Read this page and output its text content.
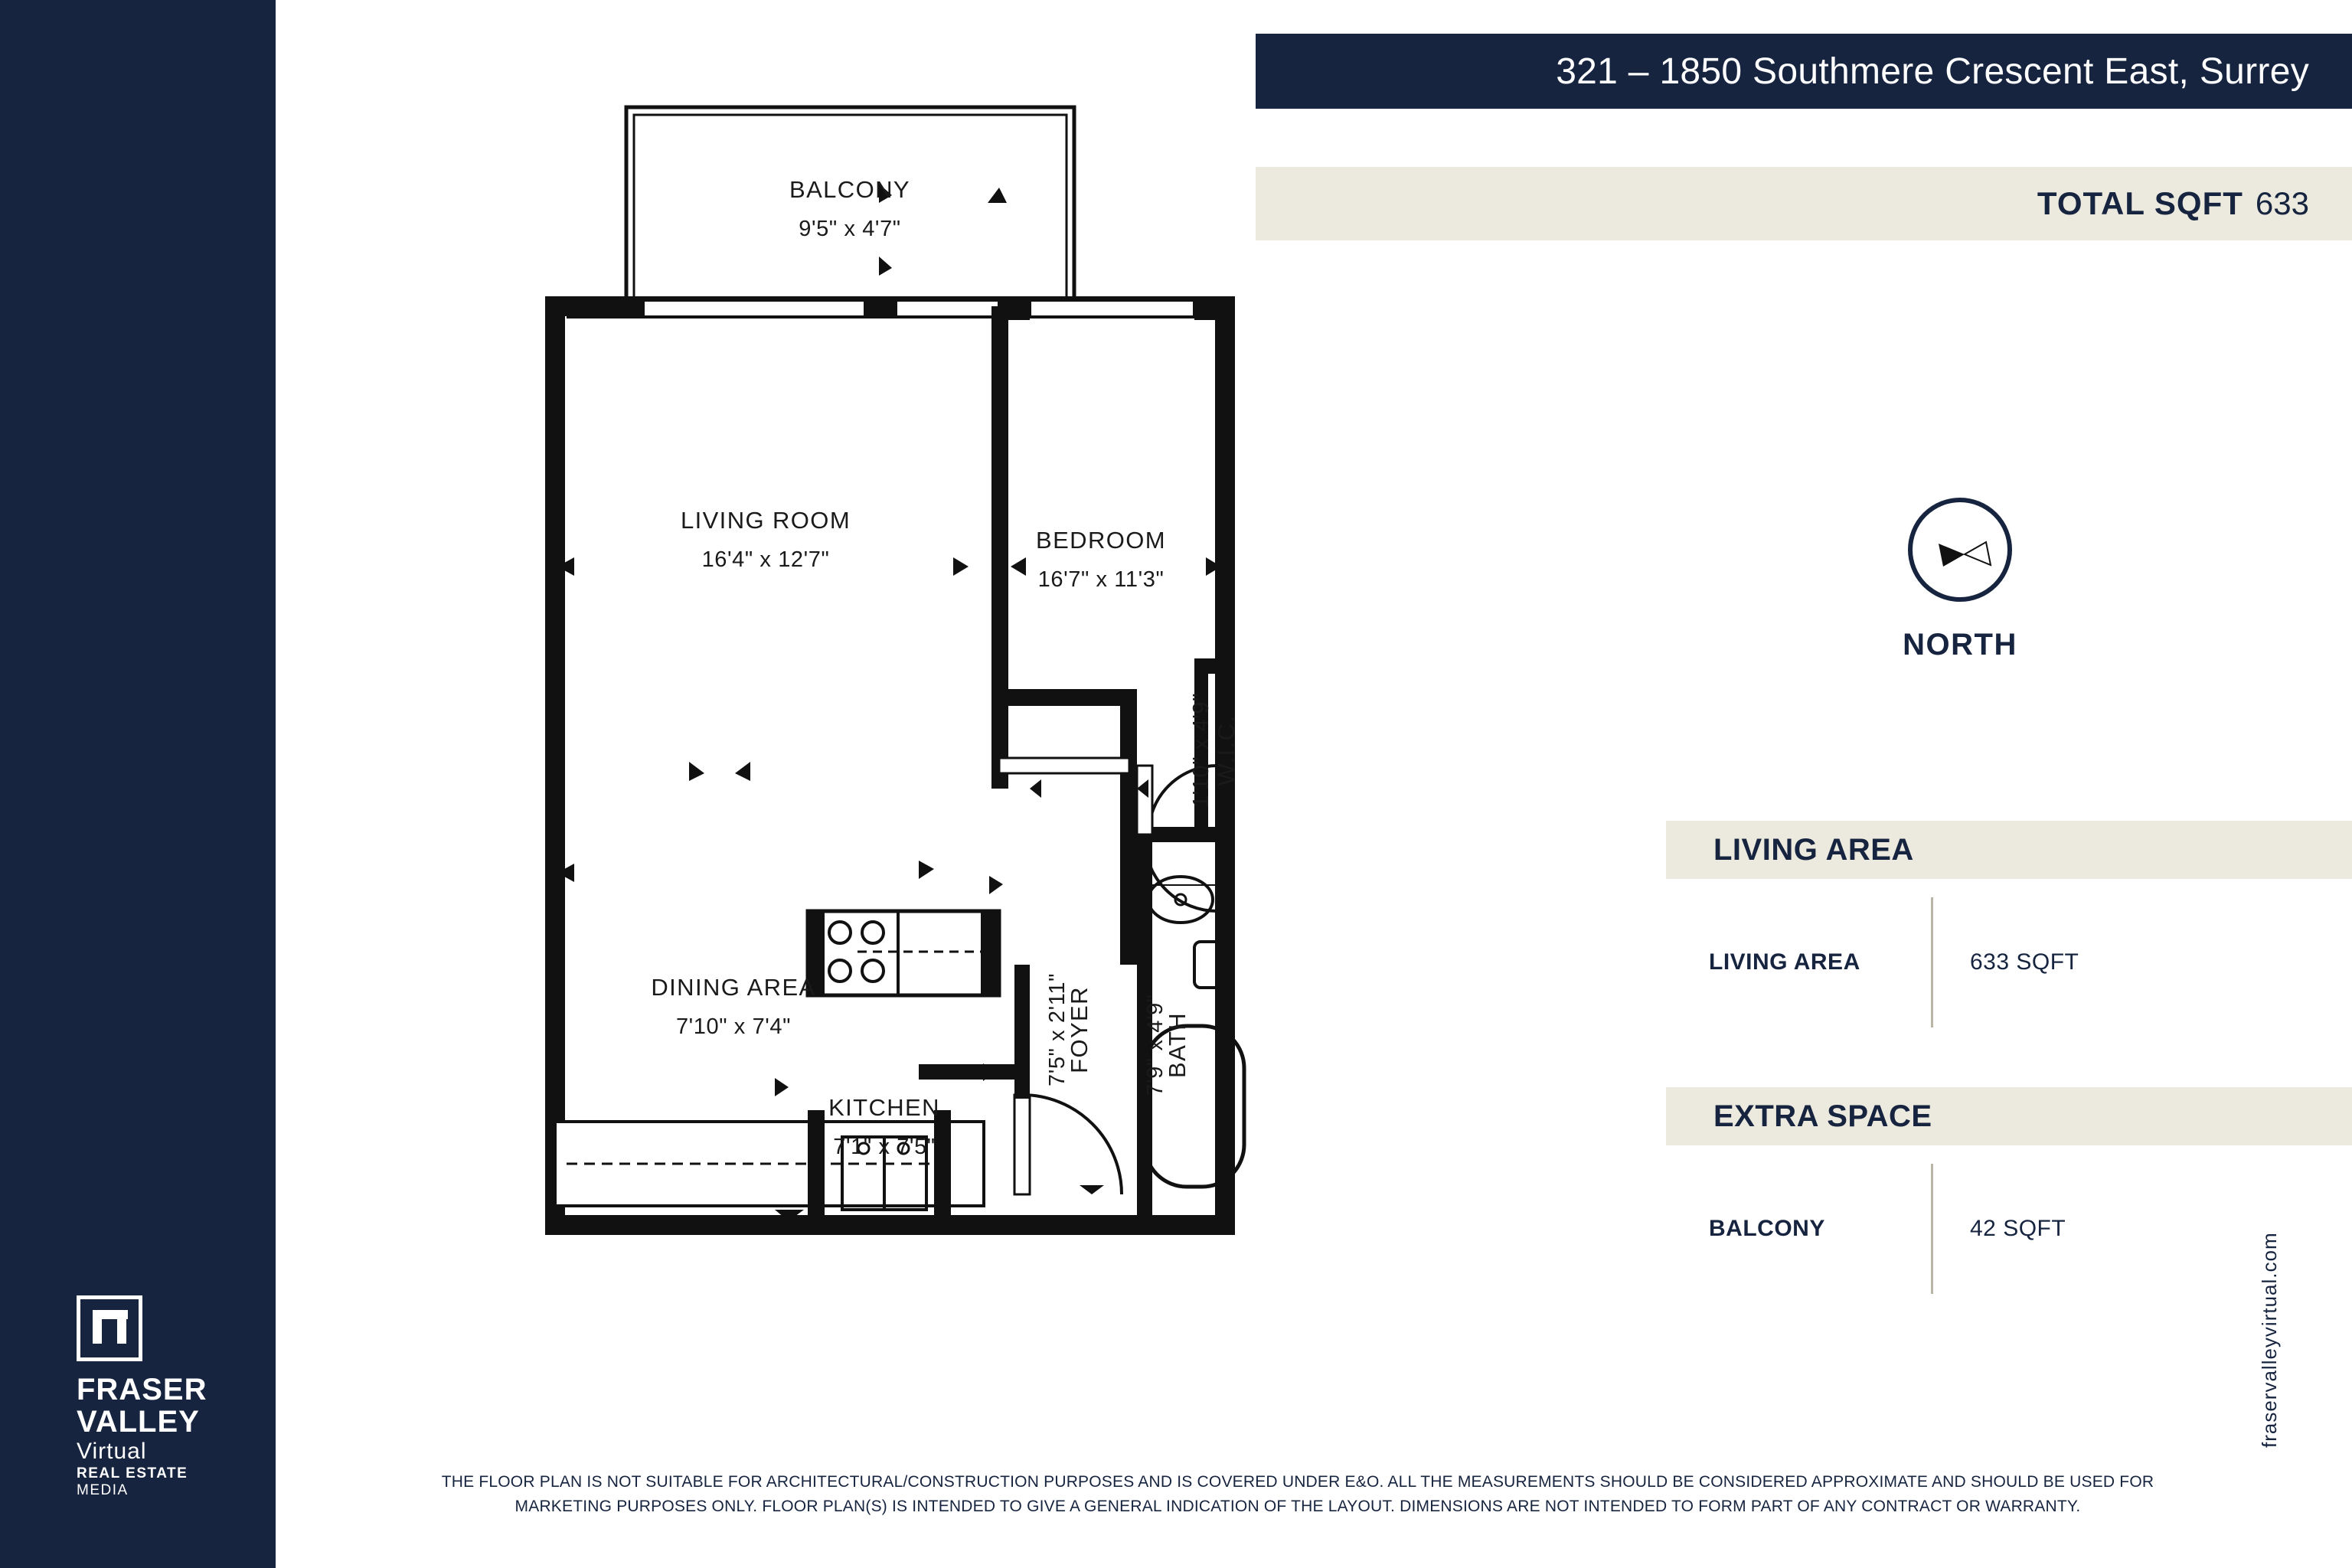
FRASER
VALLEY
Virtual
REAL ESTATE MEDIA
321 – 1850 Southmere Crescent East, Surrey
TOTAL SQFT 633
NORTH
LIVING AREA
LIVING AREA	633 SQFT
EXTRA SPACE
BALCONY	42 SQFT
fraservalleyvirtual.com
THE FLOOR PLAN IS NOT SUITABLE FOR ARCHITECTURAL/CONSTRUCTION PURPOSES AND IS COVERED UNDER E&O. ALL THE MEASUREMENTS SHOULD BE CONSIDERED APPROXIMATE AND SHOULD BE USED FOR MARKETING PURPOSES ONLY. FLOOR PLAN(S) IS INTENDED TO GIVE A GENERAL INDICATION OF THE LAYOUT. DIMENSIONS ARE NOT INTENDED TO FORM PART OF ANY CONTRACT OR WARRANTY.
BALCONY
9'5" x 4'7"
LIVING ROOM
16'4" x 12'7"
BEDROOM
16'7" x 11'3"
DINING AREA
7'10" x 7'4"
KITCHEN
7'1" x 7'5"
FOYER
7'5" x 2'11"	BATH
7'9" x 4'9"
W.I.C.
1'10" x 4'9"
